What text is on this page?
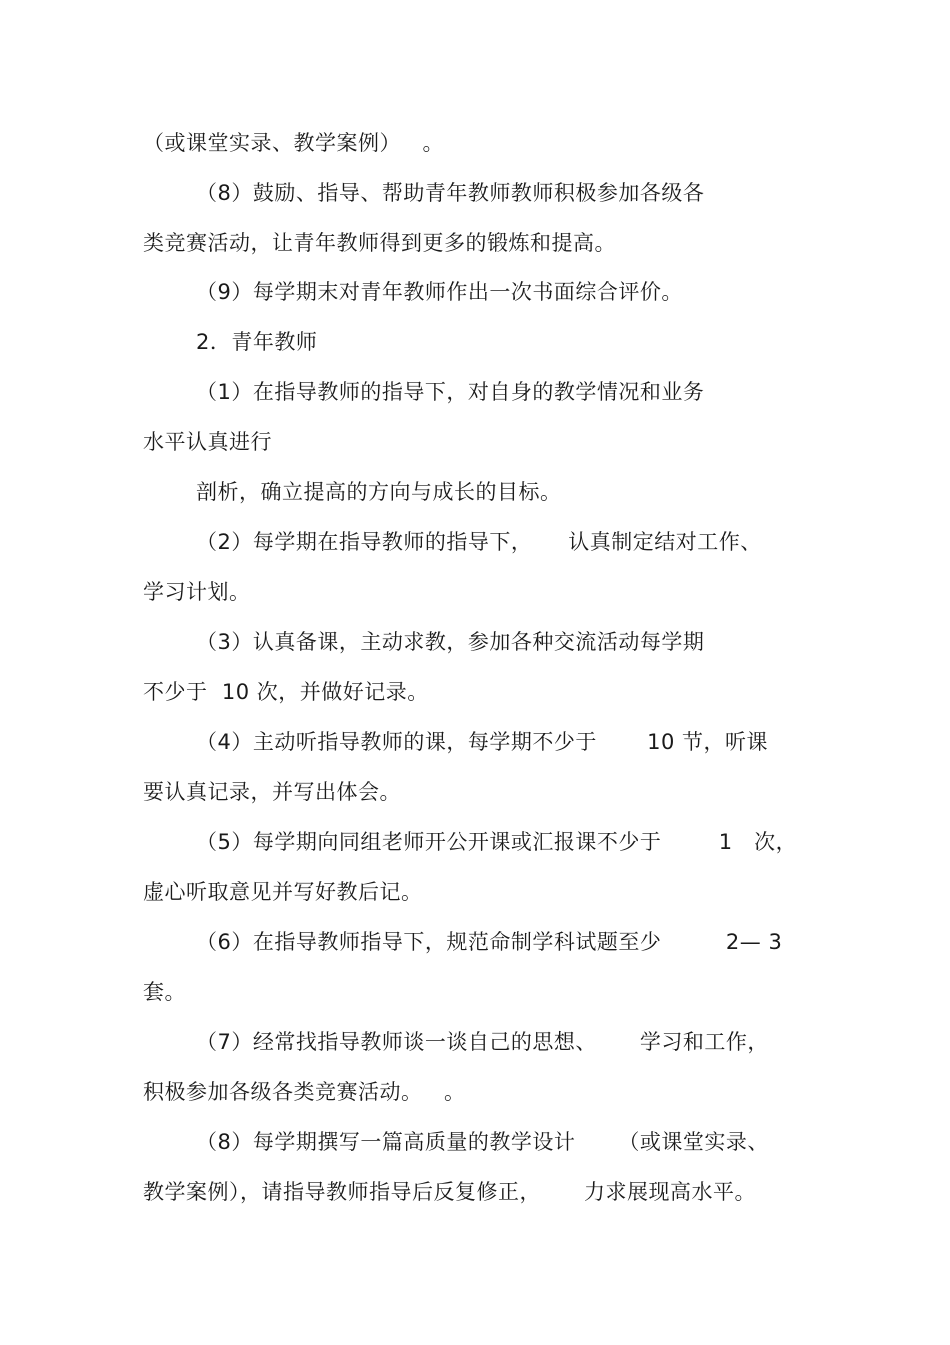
（或课堂实录、教学案例）   。
（8）鼓励、指导、帮助青年教师教师积极参加各级各
类竞赛活动，让青年教师得到更多的锻炼和提高。
（9）每学期末对青年教师作出一次书面综合评价。
2．青年教师
（1）在指导教师的指导下，对自身的教学情况和业务
水平认真进行
剖析，确立提高的方向与成长的目标。
（2）每学期在指导教师的指导下，     认真制定结对工作、
学习计划。
（3）认真备课，主动求教，参加各种交流活动每学期
不少于  10 次，并做好记录。
（4）主动听指导教师的课，每学期不少于       10 节，听课
要认真记录，并写出体会。
（5）每学期向同组老师开公开课或汇报课不少于        1   次，
虚心听取意见并写好教后记。
（6）在指导教师指导下，规范命制学科试题至少         2— 3
套。
（7）经常找指导教师谈一谈自己的思想、      学习和工作，
积极参加各级各类竞赛活动。   。
（8）每学期撰写一篇高质量的教学设计      （或课堂实录、
教学案例），请指导教师指导后反复修正，      力求展现高水平。
